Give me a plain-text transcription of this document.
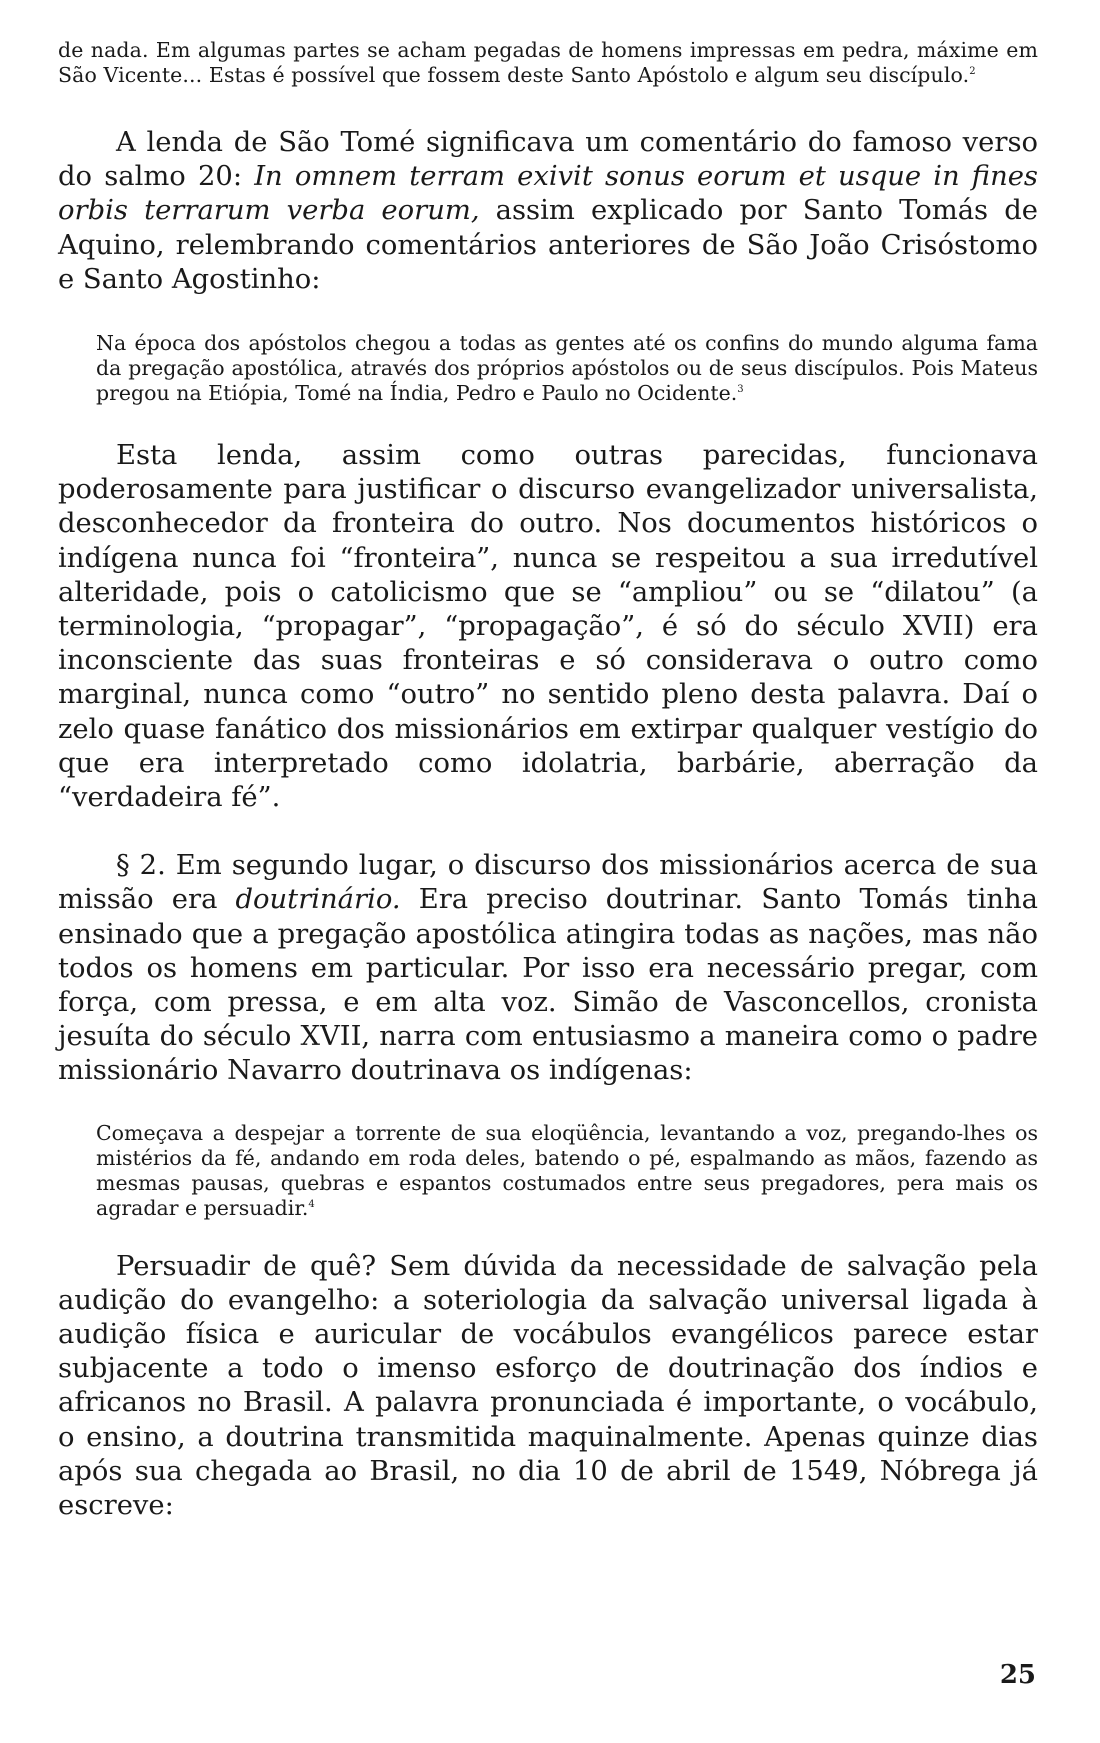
de nada. Em algumas partes se acham pegadas de homens impressas em pedra, máxime em São Vicente... Estas é possível que fossem deste Santo Apóstolo e algum seu discípulo.$^2$

A lenda de São Tomé significava um comentário do famoso verso do salmo 20: In omnem terram exivit sonus eorum et usque in fines orbis terrarum verba eorum, assim explicado por Santo Tomás de Aquino, relembrando comentários anteriores de São João Crisóstomo e Santo Agostinho:

Na época dos apóstolos chegou a todas as gentes até os confins do mundo alguma fama da pregação apostólica, através dos próprios apóstolos ou de seus discípulos. Pois Mateus pregou na Etiópia, Tomé na Índia, Pedro e Paulo no Ocidente.$^3$

Esta lenda, assim como outras parecidas, funcionava poderosamente para justificar o discurso evangelizador universalista, desconhecedor da fronteira do outro. Nos documentos históricos o indígena nunca foi “fronteira”, nunca se respeitou a sua irredutível alteridade, pois o catolicismo que se “ampliou” ou se “dilatou” (a terminologia, “propagar”, “propagação”, é só do século XVII) era inconsciente das suas fronteiras e só considerava o outro como marginal, nunca como “outro” no sentido pleno desta palavra. Daí o zelo quase fanático dos missionários em extirpar qualquer vestígio do que era interpretado como idolatria, barbárie, aberração da “verdadeira fé”.

§ 2. Em segundo lugar, o discurso dos missionários acerca de sua missão era doutrinário. Era preciso doutrinar. Santo Tomás tinha ensinado que a pregação apostólica atingira todas as nações, mas não todos os homens em particular. Por isso era necessário pregar, com força, com pressa, e em alta voz. Simão de Vasconcellos, cronista jesuíta do século XVII, narra com entusiasmo a maneira como o padre missionário Navarro doutrinava os indígenas:

Começava a despejar a torrente de sua eloqüência, levantando a voz, pregando-lhes os mistérios da fé, andando em roda deles, batendo o pé, espalmando as mãos, fazendo as mesmas pausas, quebras e espantos costumados entre seus pregadores, pera mais os agradar e persuadir.$^4$

Persuadir de quê? Sem dúvida da necessidade de salvação pela audição do evangelho: a soteriologia da salvação universal ligada à audição física e auricular de vocábulos evangélicos parece estar subjacente a todo o imenso esforço de doutrinação dos índios e africanos no Brasil. A palavra pronunciada é importante, o vocábulo, o ensino, a doutrina transmitida maquinalmente. Apenas quinze dias após sua chegada ao Brasil, no dia 10 de abril de 1549, Nóbrega já escreve:

25
